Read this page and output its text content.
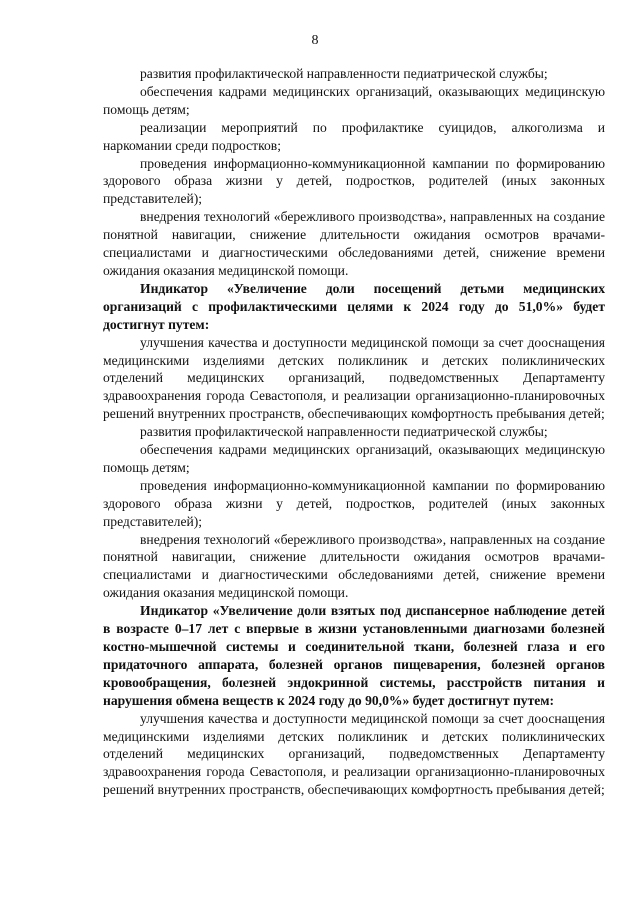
8

развития профилактической направленности педиатрической службы;

обеспечения кадрами медицинских организаций, оказывающих медицинскую помощь детям;

реализации мероприятий по профилактике суицидов, алкоголизма и наркомании среди подростков;

проведения информационно-коммуникационной кампании по формированию здорового образа жизни у детей, подростков, родителей (иных законных представителей);

внедрения технологий «бережливого производства», направленных на создание понятной навигации, снижение длительности ожидания осмотров врачами-специалистами и диагностическими обследованиями детей, снижение времени ожидания оказания медицинской помощи.

Индикатор «Увеличение доли посещений детьми медицинских организаций с профилактическими целями к 2024 году до 51,0%» будет достигнут путем:

улучшения качества и доступности медицинской помощи за счет дооснащения медицинскими изделиями детских поликлиник и детских поликлинических отделений медицинских организаций, подведомственных Департаменту здравоохранения города Севастополя, и реализации организационно-планировочных решений внутренних пространств, обеспечивающих комфортность пребывания детей;

развития профилактической направленности педиатрической службы;

обеспечения кадрами медицинских организаций, оказывающих медицинскую помощь детям;

проведения информационно-коммуникационной кампании по формированию здорового образа жизни у детей, подростков, родителей (иных законных представителей);

внедрения технологий «бережливого производства», направленных на создание понятной навигации, снижение длительности ожидания осмотров врачами-специалистами и диагностическими обследованиями детей, снижение времени ожидания оказания медицинской помощи.

Индикатор «Увеличение доли взятых под диспансерное наблюдение детей в возрасте 0–17 лет с впервые в жизни установленными диагнозами болезней костно-мышечной системы и соединительной ткани, болезней глаза и его придаточного аппарата, болезней органов пищеварения, болезней органов кровообращения, болезней эндокринной системы, расстройств питания и нарушения обмена веществ к 2024 году до 90,0%» будет достигнут путем:

улучшения качества и доступности медицинской помощи за счет дооснащения медицинскими изделиями детских поликлиник и детских поликлинических отделений медицинских организаций, подведомственных Департаменту здравоохранения города Севастополя, и реализации организационно-планировочных решений внутренних пространств, обеспечивающих комфортность пребывания детей;
